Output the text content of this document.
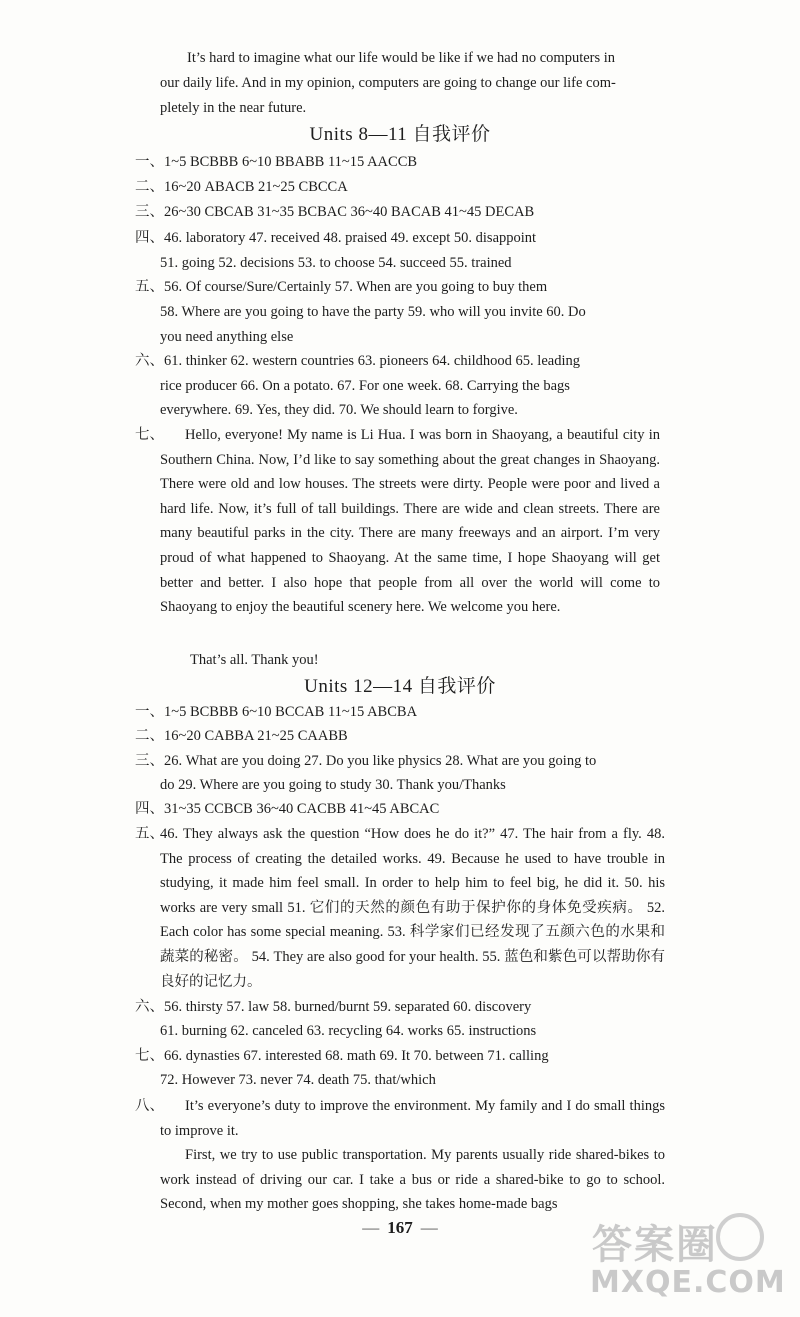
It’s hard to imagine what our life would be like if we had no computers in
our daily life. And in my opinion, computers are going to change our life com-
pletely in the near future.
Units 8—11 自我评价
一、1~5 BCBBB 6~10 BBABB 11~15 AACCB
二、16~20 ABACB 21~25 CBCCA
三、26~30 CBCAB 31~35 BCBAC 36~40 BACAB 41~45 DECAB
四、46. laboratory 47. received 48. praised 49. except 50. disappoint
51. going 52. decisions 53. to choose 54. succeed 55. trained
五、56. Of course/Sure/Certainly 57. When are you going to buy them
58. Where are you going to have the party 59. who will you invite 60. Do
you need anything else
六、61. thinker 62. western countries 63. pioneers 64. childhood 65. leading
rice producer 66. On a potato. 67. For one week. 68. Carrying the bags
everywhere. 69. Yes, they did. 70. We should learn to forgive.
七、	Hello, everyone! My name is Li Hua. I was born in Shaoyang, a beautiful city in Southern China. Now, I’d like to say something about the great changes in Shaoyang. There were old and low houses. The streets were dirty. People were poor and lived a hard life. Now, it’s full of tall buildings. There are wide and clean streets. There are many beautiful parks in the city. There are many freeways and an airport. I’m very proud of what happened to Shaoyang. At the same time, I hope Shaoyang will get better and better. I also hope that people from all over the world will come to Shaoyang to enjoy the beautiful scenery here. We welcome you here.
That’s all. Thank you!
Units 12—14 自我评价
一、1~5 BCBBB 6~10 BCCAB 11~15 ABCBA
二、16~20 CABBA 21~25 CAABB
三、26. What are you doing 27. Do you like physics 28. What are you going to
do 29. Where are you going to study 30. Thank you/Thanks
四、31~35 CCBCB 36~40 CACBB 41~45 ABCAC
五、
46. They always ask the question “How does he do it?” 47. The hair from a fly. 48. The process of creating the detailed works. 49. Because he used to have trouble in studying, it made him feel small. In order to help him to feel big, he did it. 50. his works are very small 51. 它们的天然的颜色有助于保护你的身体免受疾病。 52. Each color has some special meaning. 53. 科学家们已经发现了五颜六色的水果和蔬菜的秘密。 54. They are also good for your health. 55. 蓝色和紫色可以帮助你有良好的记忆力。
六、56. thirsty 57. law 58. burned/burnt 59. separated 60. discovery
61. burning 62. canceled 63. recycling 64. works 65. instructions
七、66. dynasties 67. interested 68. math 69. It 70. between 71. calling
72. However 73. never 74. death 75. that/which
八、	It’s everyone’s duty to improve the environment. My family and I do small things to improve it.
First, we try to use public transportation. My parents usually ride shared-bikes to work instead of driving our car. I take a bus or ride a shared-bike to go to school. Second, when my mother goes shopping, she takes home-made bags
— 167 —	答案圈
MXQE.COM
